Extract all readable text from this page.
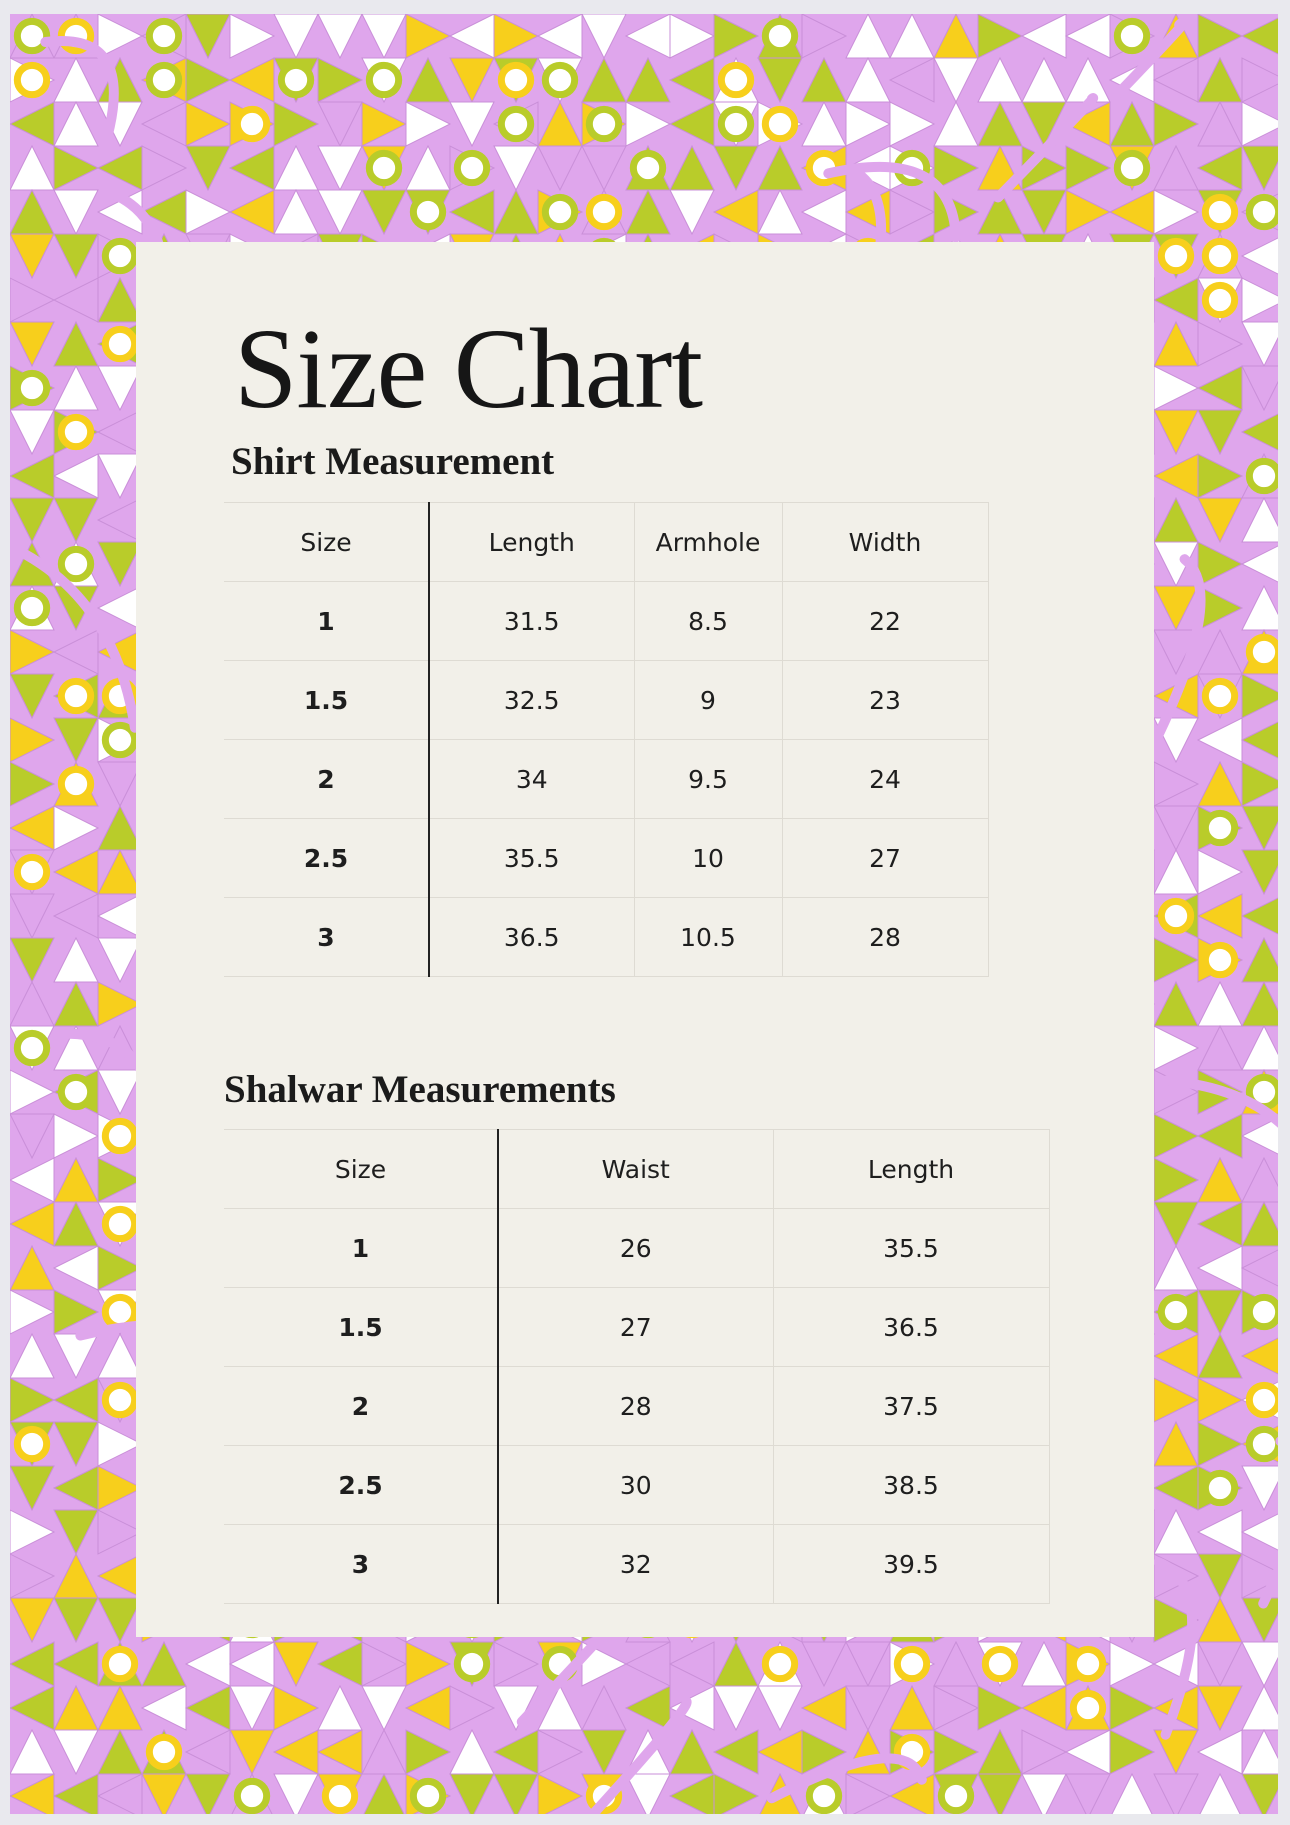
Size Chart
Shirt Measurement
Size	Length	Armhole	Width
1	31.5	8.5	22
1.5	32.5	9	23
2	34	9.5	24
2.5	35.5	10	27
3	36.5	10.5	28
Shalwar Measurements
Size	Waist	Length
1	26	35.5
1.5	27	36.5
2	28	37.5
2.5	30	38.5
3	32	39.5
